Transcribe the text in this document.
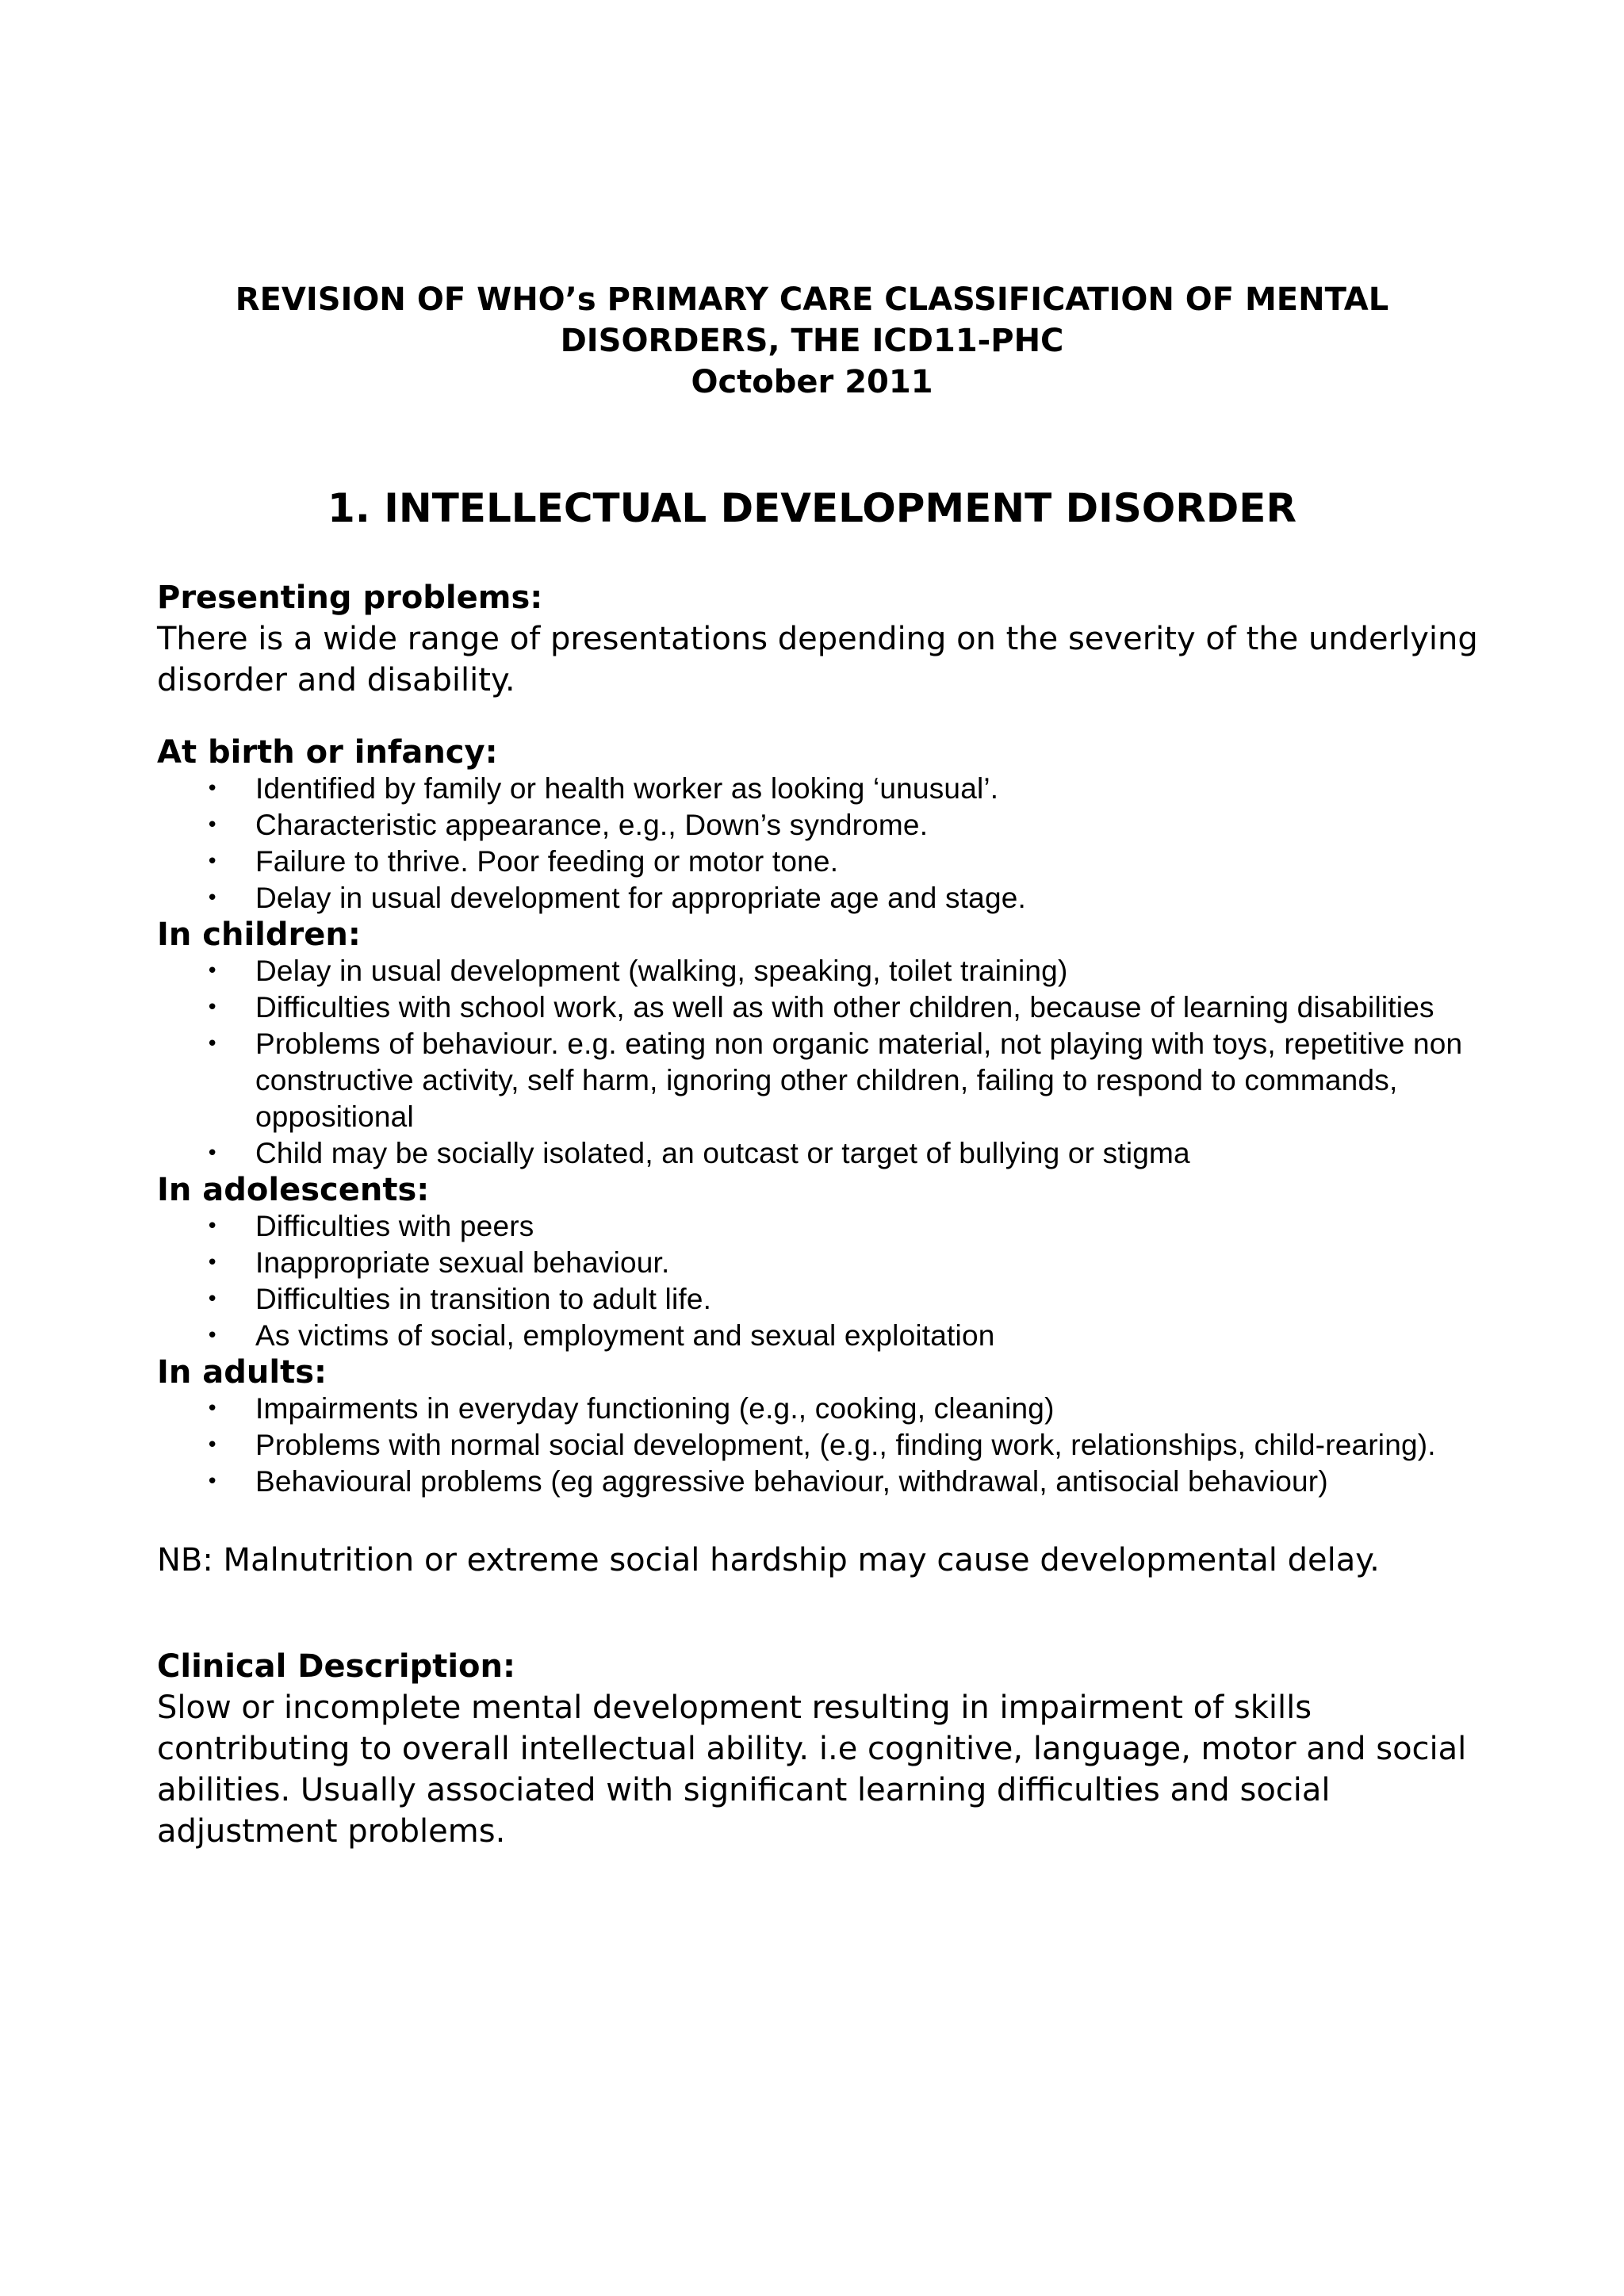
REVISION OF WHO’s PRIMARY CARE CLASSIFICATION OF MENTAL
DISORDERS, THE ICD11-PHC
October 2011
1. INTELLECTUAL DEVELOPMENT DISORDER

Presenting problems:

There is a wide range of presentations depending on the severity of the underlying disorder and disability.

At birth or infancy:

• Identified by family or health worker as looking ‘unusual’.
• Characteristic appearance, e.g., Down’s syndrome.
• Failure to thrive. Poor feeding or motor tone.
• Delay in usual development for appropriate age and stage.

In children:

• Delay in usual development (walking, speaking, toilet training)
• Difficulties with school work, as well as with other children, because of learning disabilities
• Problems of behaviour. e.g. eating non organic material, not playing with toys, repetitive non constructive activity, self harm, ignoring other children, failing to respond to commands, oppositional
• Child may be socially isolated, an outcast or target of bullying or stigma

In adolescents:

• Difficulties with peers
• Inappropriate sexual behaviour.
• Difficulties in transition to adult life.
• As victims of social, employment and sexual exploitation

In adults:

• Impairments in everyday functioning (e.g., cooking, cleaning)
• Problems with normal social development, (e.g., finding work, relationships, child-rearing).
• Behavioural problems (eg aggressive behaviour, withdrawal, antisocial behaviour)

NB: Malnutrition or extreme social hardship may cause developmental delay.

Clinical Description:

Slow or incomplete mental development resulting in impairment of skills contributing to overall intellectual ability. i.e cognitive, language, motor and social abilities. Usually associated with significant learning difficulties and social adjustment problems.
